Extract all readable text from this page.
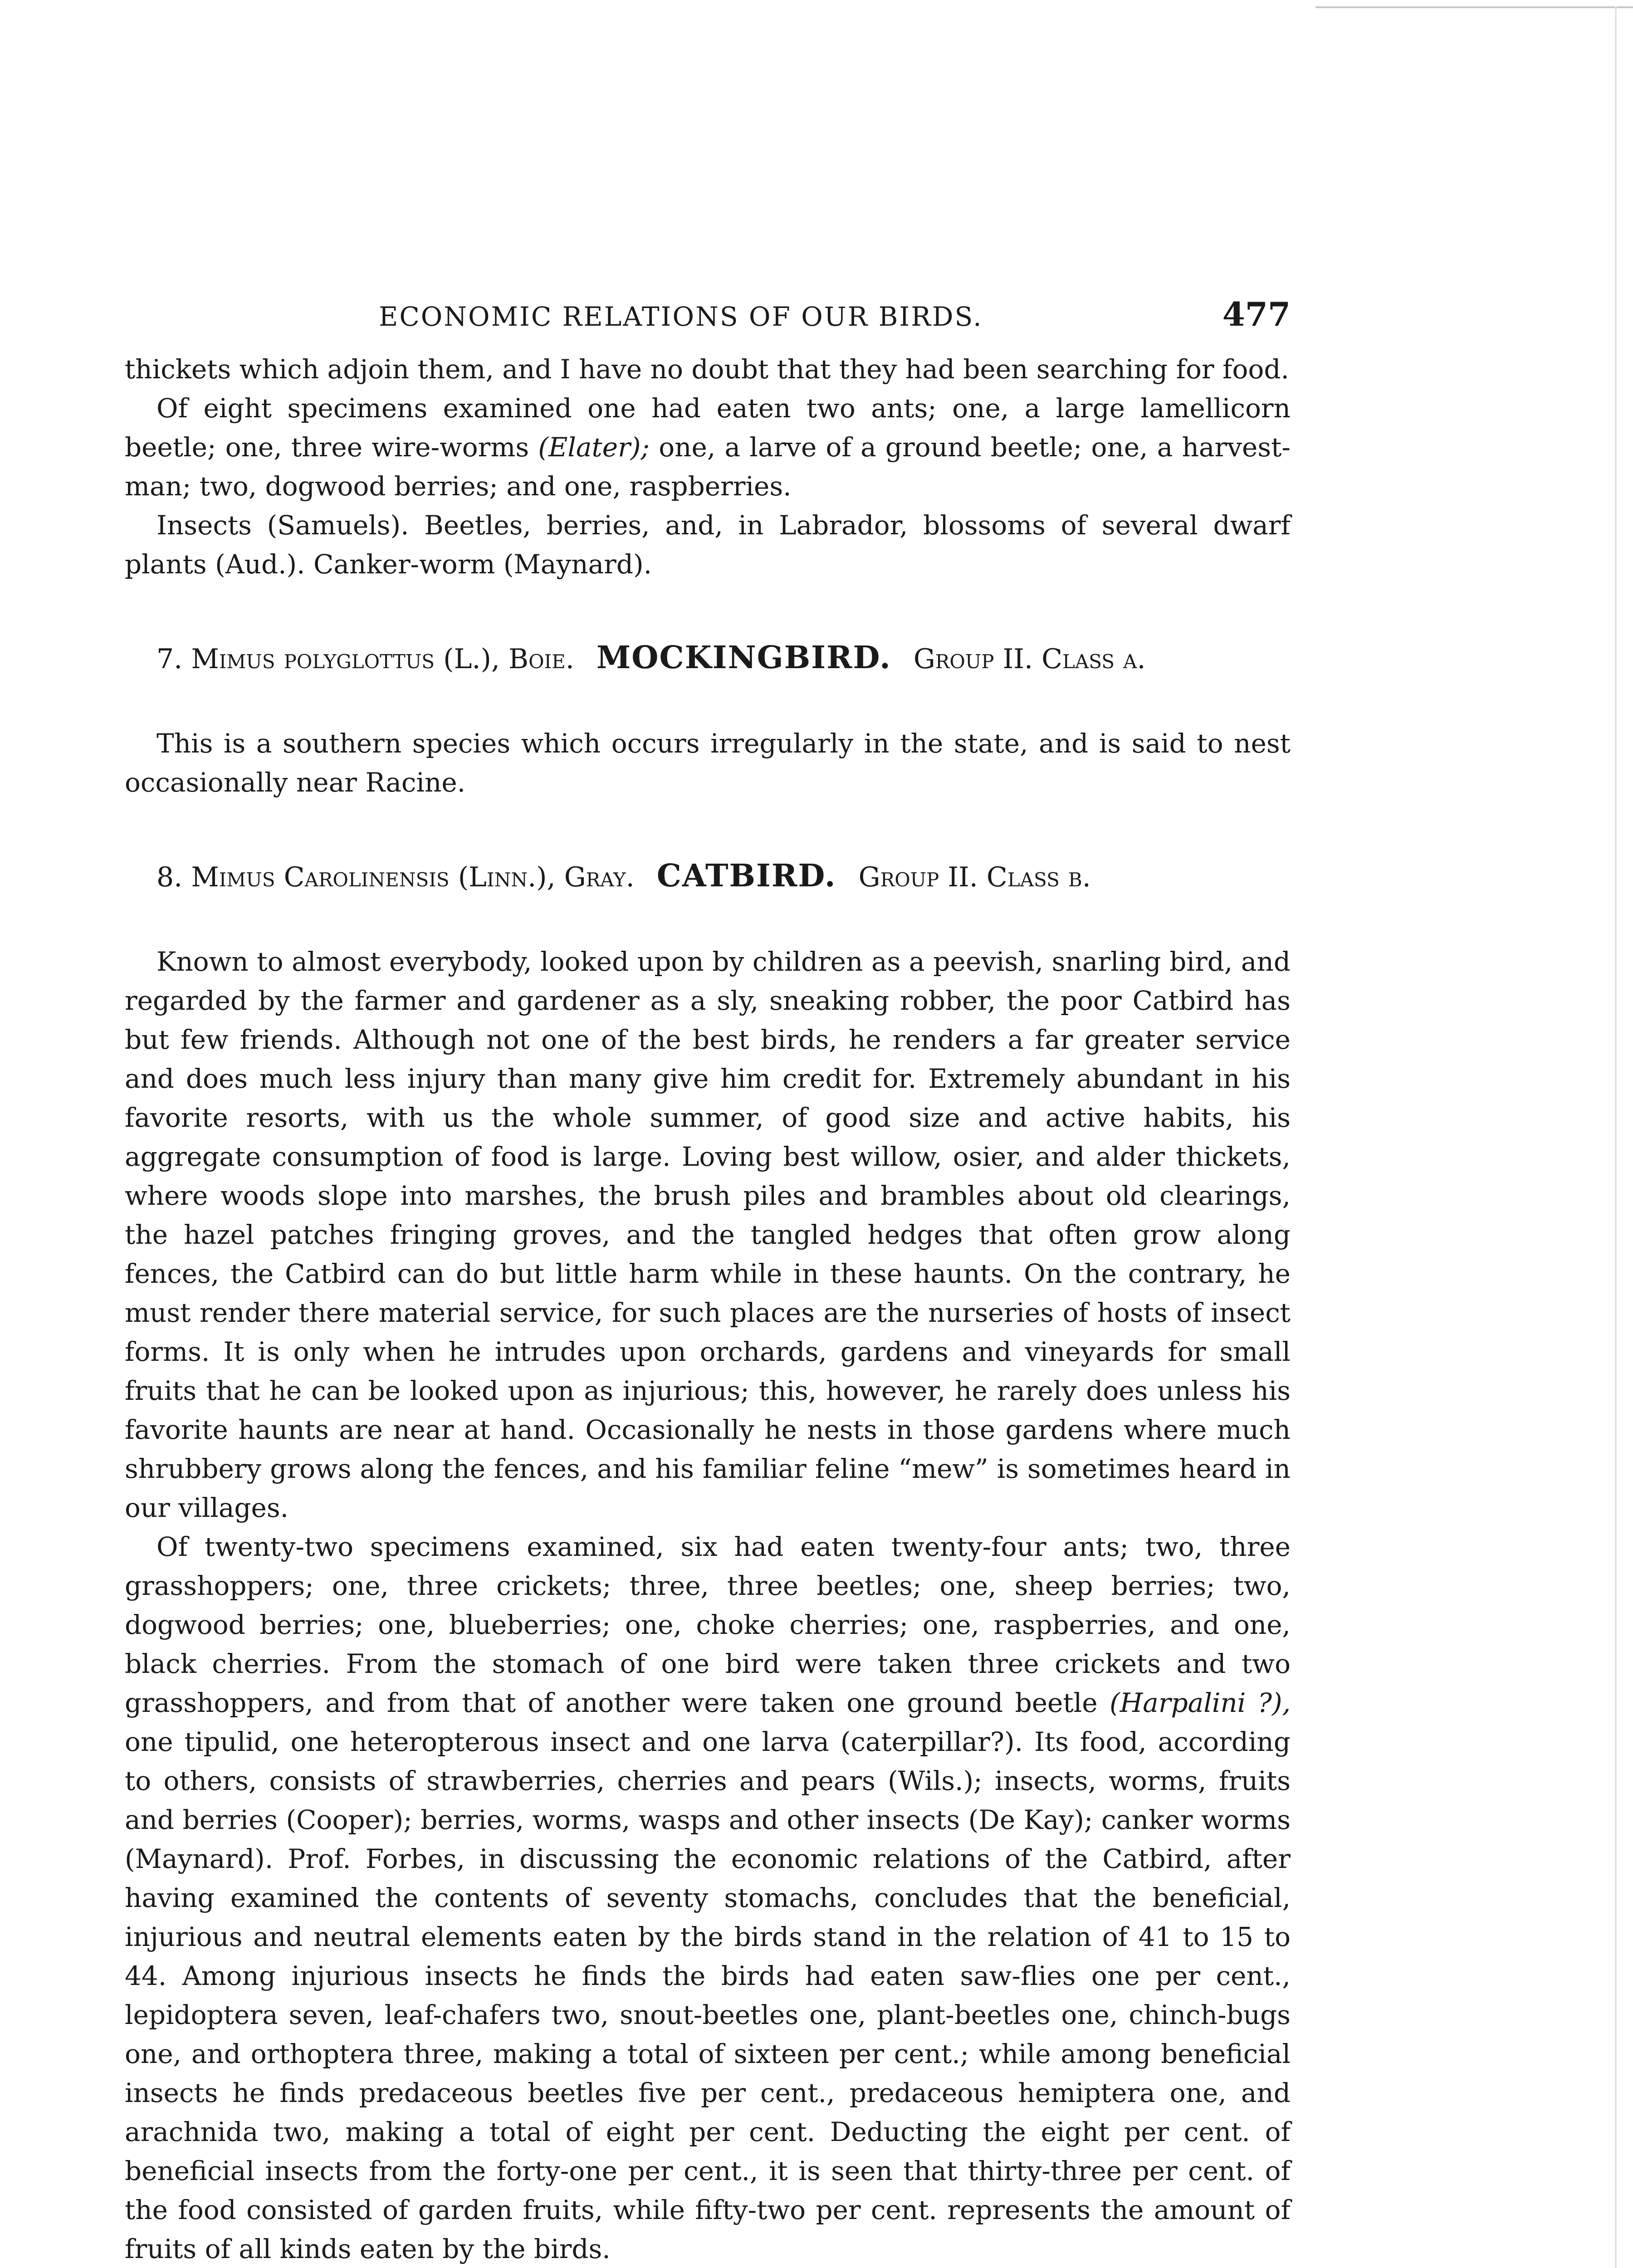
ECONOMIC RELATIONS OF OUR BIRDS.	477

thickets which adjoin them, and I have no doubt that they had been searching for food.

Of eight specimens examined one had eaten two ants; one, a large lamellicorn beetle; one, three wire-worms (Elater); one, a larve of a ground beetle; one, a harvest-man; two, dogwood berries; and one, raspberries.

Insects (Samuels). Beetles, berries, and, in Labrador, blossoms of several dwarf plants (Aud.). Canker-worm (Maynard).

7. Mimus polyglottus (L.), Boie. MOCKINGBIRD. Group II. Class a.

This is a southern species which occurs irregularly in the state, and is said to nest occasionally near Racine.

8. Mimus Carolinensis (Linn.), Gray. CATBIRD. Group II. Class b.

Known to almost everybody, looked upon by children as a peevish, snarling bird, and regarded by the farmer and gardener as a sly, sneaking robber, the poor Catbird has but few friends. Although not one of the best birds, he renders a far greater service and does much less injury than many give him credit for. Extremely abundant in his favorite resorts, with us the whole summer, of good size and active habits, his aggregate consumption of food is large. Loving best willow, osier, and alder thickets, where woods slope into marshes, the brush piles and brambles about old clearings, the hazel patches fringing groves, and the tangled hedges that often grow along fences, the Catbird can do but little harm while in these haunts. On the contrary, he must render there material service, for such places are the nurseries of hosts of insect forms. It is only when he intrudes upon orchards, gardens and vineyards for small fruits that he can be looked upon as injurious; this, however, he rarely does unless his favorite haunts are near at hand. Occasionally he nests in those gardens where much shrubbery grows along the fences, and his familiar feline “mew” is sometimes heard in our villages.

Of twenty-two specimens examined, six had eaten twenty-four ants; two, three grasshoppers; one, three crickets; three, three beetles; one, sheep berries; two, dogwood berries; one, blueberries; one, choke cherries; one, raspberries, and one, black cherries. From the stomach of one bird were taken three crickets and two grasshoppers, and from that of another were taken one ground beetle (Harpalini ?), one tipulid, one heteropterous insect and one larva (caterpillar?). Its food, according to others, consists of strawberries, cherries and pears (Wils.); insects, worms, fruits and berries (Cooper); berries, worms, wasps and other insects (De Kay); canker worms (Maynard). Prof. Forbes, in discussing the economic relations of the Catbird, after having examined the contents of seventy stomachs, concludes that the beneficial, injurious and neutral elements eaten by the birds stand in the relation of 41 to 15 to 44. Among injurious insects he finds the birds had eaten saw-flies one per cent., lepidoptera seven, leaf-chafers two, snout-beetles one, plant-beetles one, chinch-bugs one, and orthoptera three, making a total of sixteen per cent.; while among beneficial insects he finds predaceous beetles five per cent., predaceous hemiptera one, and arachnida two, making a total of eight per cent. Deducting the eight per cent. of beneficial insects from the forty-one per cent., it is seen that thirty-three per cent. of the food consisted of garden fruits, while fifty-two per cent. represents the amount of fruits of all kinds eaten by the birds.
